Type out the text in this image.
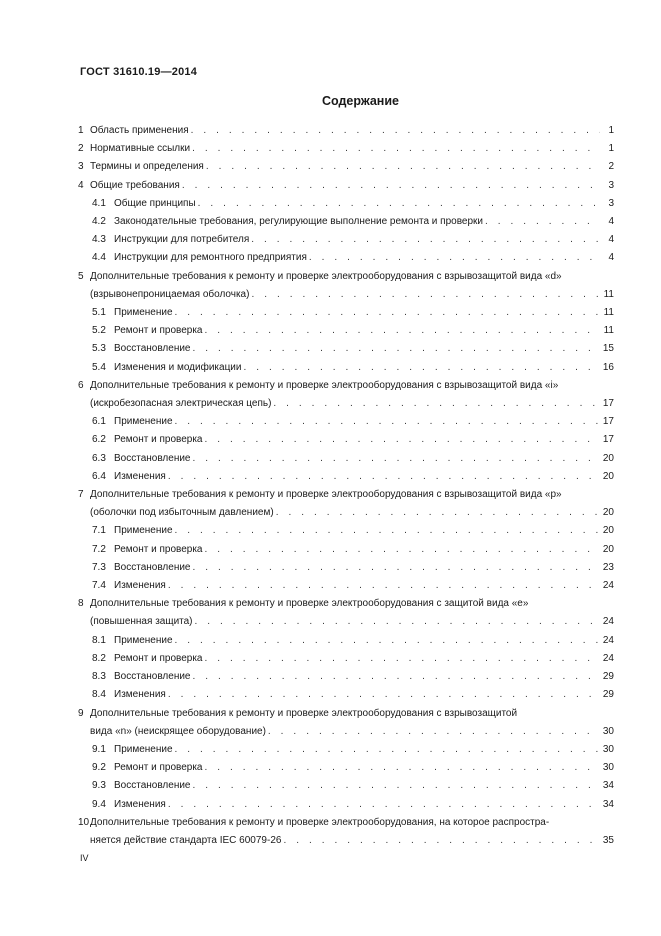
ГОСТ 31610.19—2014
Содержание
1 Область применения . . .	1
2 Нормативные ссылки . . .	1
3 Термины и определения . . .	2
4 Общие требования . . .	3
4.1 Общие принципы . . .	3
4.2 Законодательные требования, регулирующие выполнение ремонта и проверки . . .	4
4.3 Инструкции для потребителя . . .	4
4.4 Инструкции для ремонтного предприятия . . .	4
5 Дополнительные требования к ремонту и проверке электрооборудования с взрывозащитой вида «d»
(взрывонепроницаемая оболочка) . . .	11
5.1 Применение . . .	11
5.2 Ремонт и проверка . . .	11
5.3 Восстановление . . .	15
5.4 Изменения и модификации . . .	16
6 Дополнительные требования к ремонту и проверке электрооборудования с взрывозащитой вида «i»
(искробезопасная электрическая цепь) . . .	17
6.1 Применение . . .	17
6.2 Ремонт и проверка . . .	17
6.3 Восстановление . . .	20
6.4 Изменения . . .	20
7 Дополнительные требования к ремонту и проверке электрооборудования с взрывозащитой вида «р»
(оболочки под избыточным давлением) . . .	20
7.1 Применение . . .	20
7.2 Ремонт и проверка . . .	20
7.3 Восстановление . . .	23
7.4 Изменения . . .	24
8 Дополнительные требования к ремонту и проверке электрооборудования с защитой вида «е»
(повышенная защита) . . .	24
8.1 Применение . . .	24
8.2 Ремонт и проверка . . .	24
8.3 Восстановление . . .	29
8.4 Изменения . . .	29
9 Дополнительные требования к ремонту и проверке электрооборудования с взрывозащитой
вида «n» (неискрящее оборудование) . . .	30
9.1 Применение . . .	30
9.2 Ремонт и проверка . . .	30
9.3 Восстановление . . .	34
9.4 Изменения . . .	34
10 Дополнительные требования к ремонту и проверке электрооборудования, на которое распростра-
няется действие стандарта IEC 60079-26 . . .	35
IV
